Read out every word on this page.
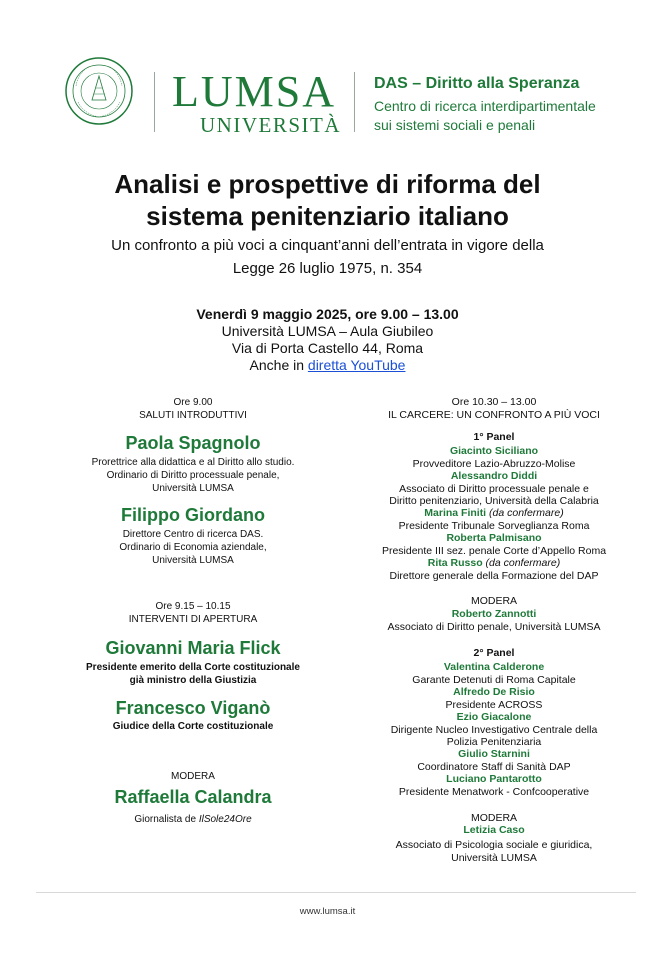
LUMSA
UNIVERSITÀ
DAS – Diritto alla Speranza
Centro di ricerca interdipartimentale
sui sistemi sociali e penali
Analisi e prospettive di riforma del
sistema penitenziario italiano
Un confronto a più voci a cinquant’anni dell’entrata in vigore della
Legge 26 luglio 1975, n. 354
Venerdì 9 maggio 2025, ore 9.00 – 13.00
Università LUMSA – Aula Giubileo
Via di Porta Castello 44, Roma
Anche in diretta YouTube
Ore 9.00
SALUTI INTRODUTTIVI
Paola Spagnolo
Prorettrice alla didattica e al Diritto allo studio.
Ordinario di Diritto processuale penale,
Università LUMSA
Filippo Giordano
Direttore Centro di ricerca DAS.
Ordinario di Economia aziendale,
Università LUMSA
Ore 9.15 – 10.15
INTERVENTI DI APERTURA
Giovanni Maria Flick
Presidente emerito della Corte costituzionale
già ministro della Giustizia
Francesco Viganò
Giudice della Corte costituzionale
MODERA
Raffaella Calandra
Giornalista de IlSole24Ore
Ore 10.30 – 13.00
IL CARCERE: UN CONFRONTO A PIÙ VOCI
1° Panel
Giacinto Siciliano
Provveditore Lazio-Abruzzo-Molise
Alessandro Diddi
Associato di Diritto processuale penale e
Diritto penitenziario, Università della Calabria
Marina Finiti (da confermare)
Presidente Tribunale Sorveglianza Roma
Roberta Palmisano
Presidente III sez. penale Corte d’Appello Roma
Rita Russo (da confermare)
Direttore generale della Formazione del DAP
MODERA
Roberto Zannotti
Associato di Diritto penale, Università LUMSA
2° Panel
Valentina Calderone
Garante Detenuti di Roma Capitale
Alfredo De Risio
Presidente ACROSS
Ezio Giacalone
Dirigente Nucleo Investigativo Centrale della
Polizia Penitenziaria
Giulio Starnini
Coordinatore Staff di Sanità DAP
Luciano Pantarotto
Presidente Menatwork - Confcooperative
MODERA
Letizia Caso
Associato di Psicologia sociale e giuridica,
Università LUMSA
www.lumsa.it
